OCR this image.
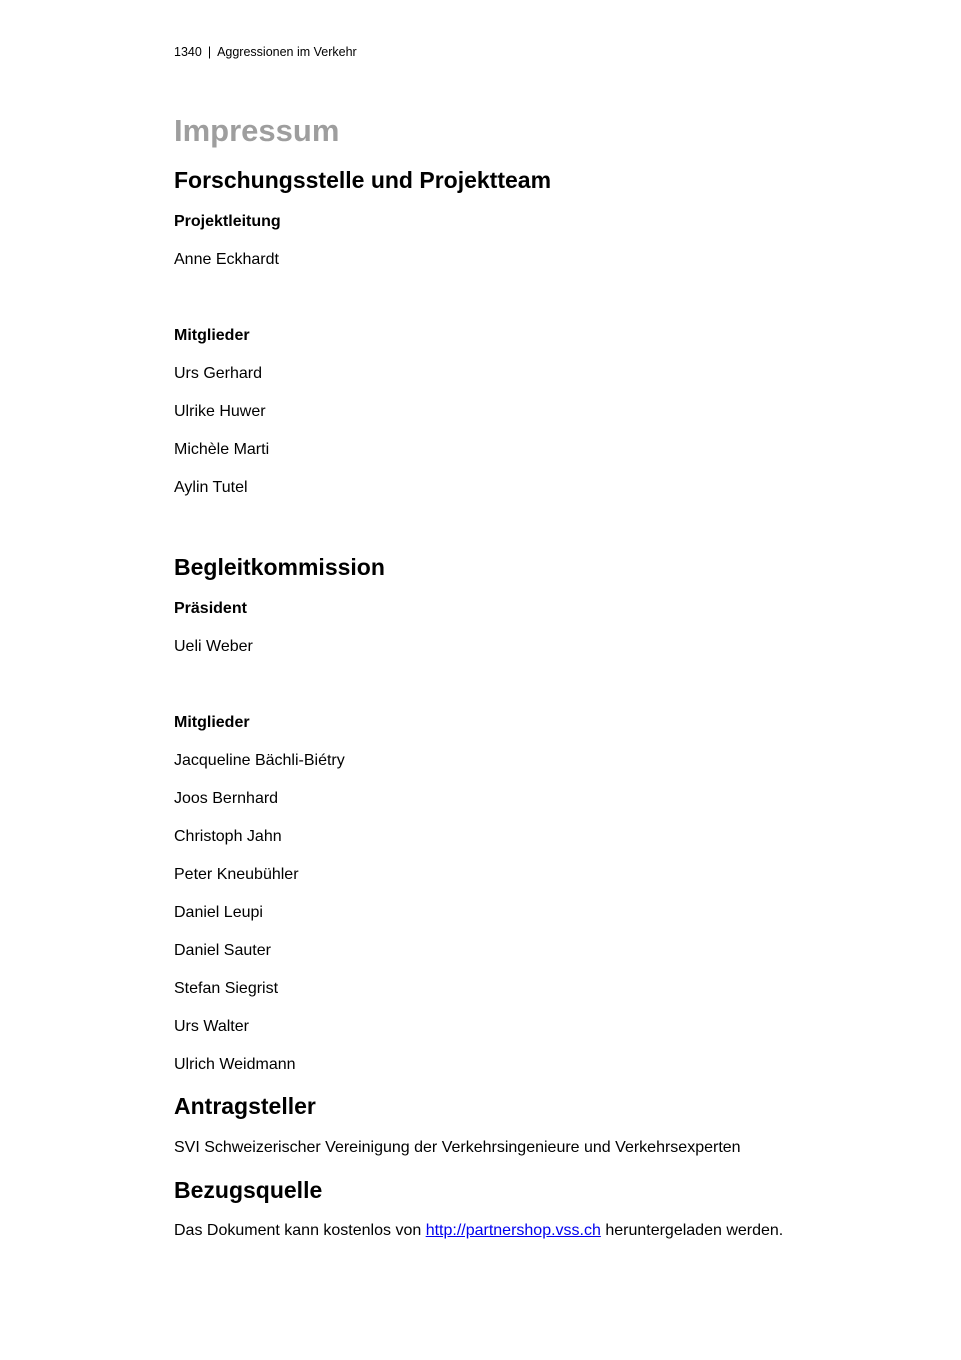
1340 | Aggressionen im Verkehr
Impressum
Forschungsstelle und Projektteam
Projektleitung
Anne Eckhardt
Mitglieder
Urs Gerhard
Ulrike Huwer
Michèle Marti
Aylin Tutel
Begleitkommission
Präsident
Ueli Weber
Mitglieder
Jacqueline Bächli-Biétry
Joos Bernhard
Christoph Jahn
Peter Kneubühler
Daniel Leupi
Daniel Sauter
Stefan Siegrist
Urs Walter
Ulrich Weidmann
Antragsteller
SVI Schweizerischer Vereinigung der Verkehrsingenieure und Verkehrsexperten
Bezugsquelle
Das Dokument kann kostenlos von http://partnershop.vss.ch heruntergeladen werden.
